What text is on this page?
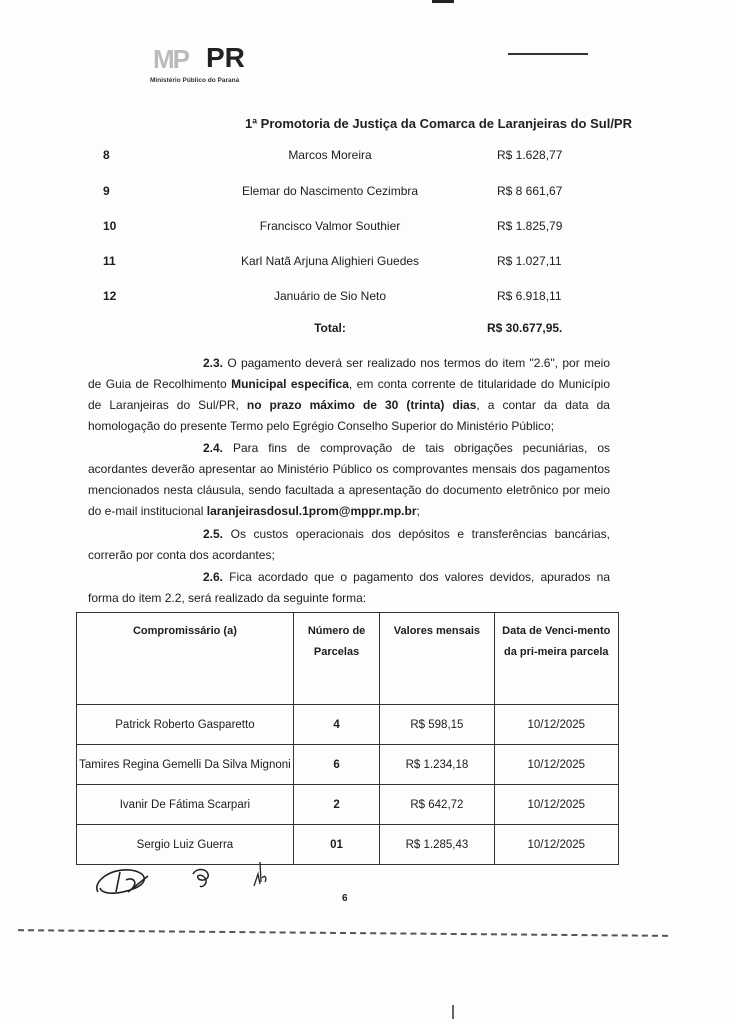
MP PR
Ministério Público do Paraná
1ª Promotoria de Justiça da Comarca de Laranjeiras do Sul/PR
8	Marcos Moreira	R$ 1.628,77
9	Elemar do Nascimento Cezimbra	R$ 8 661,67
10	Francisco Valmor Southier	R$ 1.825,79
11	Karl Natã Arjuna Alighieri Guedes	R$ 1.027,11
12	Januário de Sio Neto	R$ 6.918,11
Total:	R$ 30.677,95.
2.3. O pagamento deverá ser realizado nos termos do item "2.6", por meio de Guia de Recolhimento Municipal especifica, em conta corrente de titularidade do Município de Laranjeiras do Sul/PR, no prazo máximo de 30 (trinta) dias, a contar da data da homologação do presente Termo pelo Egrégio Conselho Superior do Ministério Público;
2.4. Para fins de comprovação de tais obrigações pecuniárias, os acordantes deverão apresentar ao Ministério Público os comprovantes mensais dos pagamentos mencionados nesta cláusula, sendo facultada a apresentação do documento eletrônico por meio do e-mail institucional laranjeirasdosul.1prom@mppr.mp.br;
2.5. Os custos operacionais dos depósitos e transferências bancárias, correrão por conta dos acordantes;
2.6. Fica acordado que o pagamento dos valores devidos, apurados na forma do item 2.2, será realizado da seguinte forma:
Compromissário (a)	Número de Parcelas	Valores mensais	Data de Venci-mento da pri-meira parcela
Patrick Roberto Gasparetto	4	R$ 598,15	10/12/2025
Tamires Regina Gemelli Da Silva Mignoni	6	R$ 1.234,18	10/12/2025
Ivanir De Fátima Scarpari	2	R$ 642,72	10/12/2025
Sergio Luiz Guerra	01	R$ 1.285,43	10/12/2025
6
